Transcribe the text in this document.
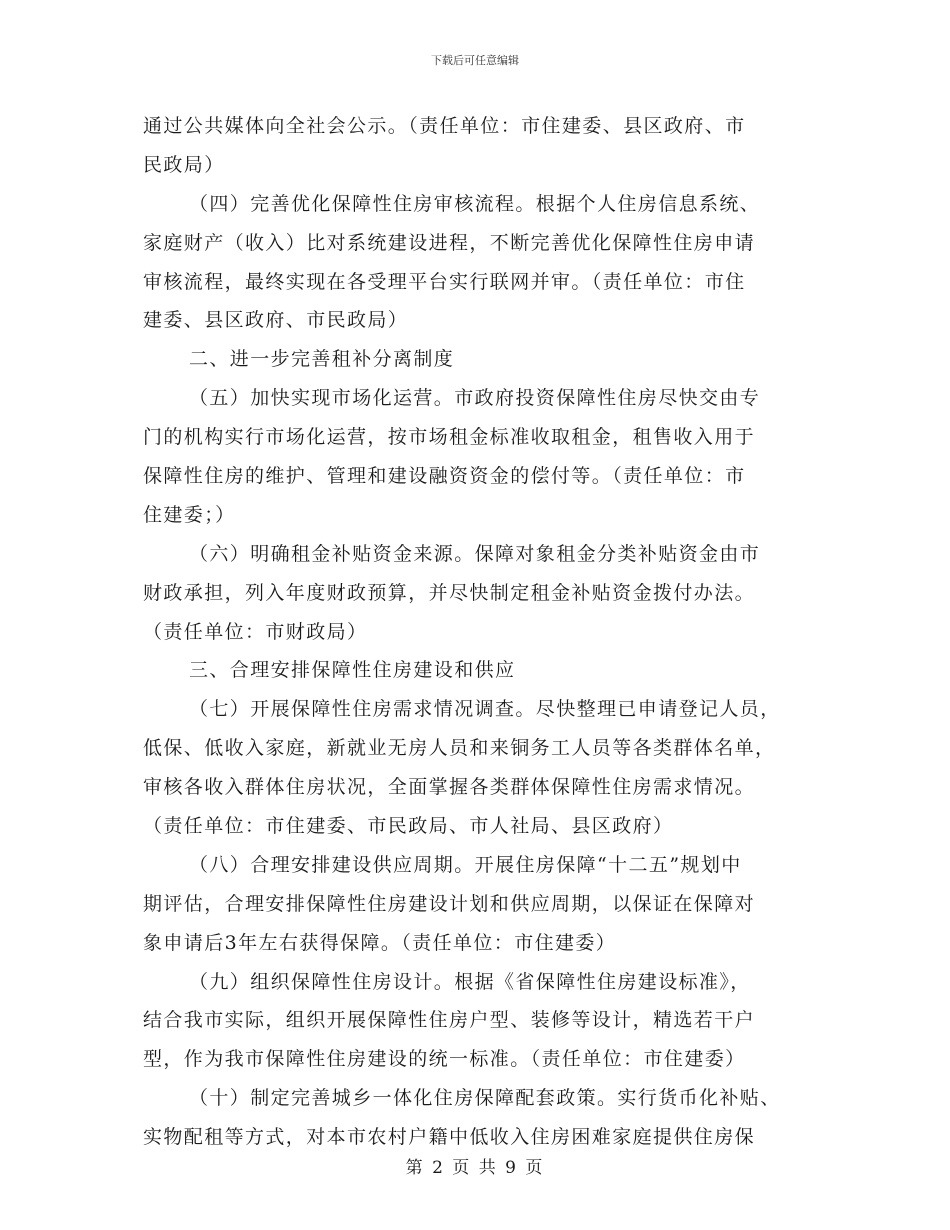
下载后可任意编辑
通过公共媒体向全社会公示。（责任单位：市住建委、县区政府、市
民政局）
（四）完善优化保障性住房审核流程。根据个人住房信息系统、
家庭财产（收入）比对系统建设进程，不断完善优化保障性住房申请
审核流程，最终实现在各受理平台实行联网并审。（责任单位：市住
建委、县区政府、市民政局）
二、进一步完善租补分离制度
（五）加快实现市场化运营。市政府投资保障性住房尽快交由专
门的机构实行市场化运营，按市场租金标准收取租金，租售收入用于
保障性住房的维护、管理和建设融资资金的偿付等。（责任单位：市
住建委；）
（六）明确租金补贴资金来源。保障对象租金分类补贴资金由市
财政承担，列入年度财政预算，并尽快制定租金补贴资金拨付办法。
（责任单位：市财政局）
三、合理安排保障性住房建设和供应
（七）开展保障性住房需求情况调查。尽快整理已申请登记人员，
低保、低收入家庭，新就业无房人员和来铜务工人员等各类群体名单，
审核各收入群体住房状况，全面掌握各类群体保障性住房需求情况。
（责任单位：市住建委、市民政局、市人社局、县区政府）
（八）合理安排建设供应周期。开展住房保障“十二五”规划中
期评估，合理安排保障性住房建设计划和供应周期，以保证在保障对
象申请后3年左右获得保障。（责任单位：市住建委）
（九）组织保障性住房设计。根据《省保障性住房建设标准》，
结合我市实际，组织开展保障性住房户型、装修等设计，精选若干户
型，作为我市保障性住房建设的统一标准。（责任单位：市住建委）
（十）制定完善城乡一体化住房保障配套政策。实行货币化补贴、
实物配租等方式，对本市农村户籍中低收入住房困难家庭提供住房保
第 2 页 共 9 页
